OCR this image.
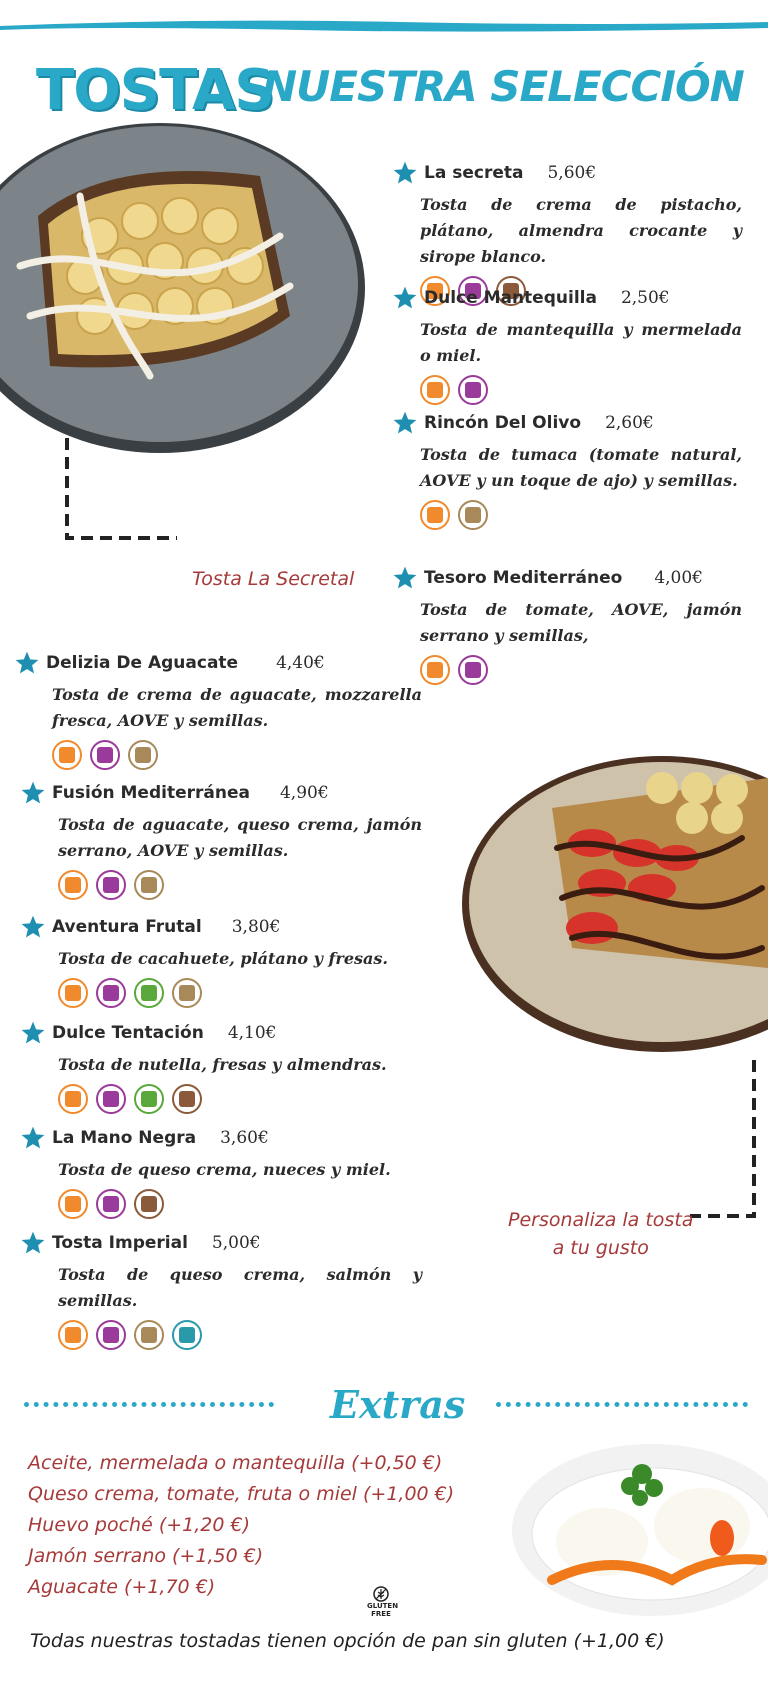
TOSTAS
NUESTRA SELECCIÓN
Tosta La Secretal
Personaliza la tosta
a tu gusto
La secreta 5,60€
Tosta de crema de pistacho, plátano, almendra crocante y sirope blanco.
Dulce Mantequilla 2,50€
Tosta de mantequilla y mermelada o miel.
Rincón Del Olivo 2,60€
Tosta de tumaca (tomate natural, AOVE y un toque de ajo) y semillas.
Tesoro Mediterráneo 4,00€
Tosta de tomate, AOVE, jamón serrano y semillas,
Delizia De Aguacate 4,40€
Tosta de crema de aguacate, mozzarella fresca, AOVE y semillas.
Fusión Mediterránea 4,90€
Tosta de aguacate, queso crema, jamón serrano, AOVE y semillas.
Aventura Frutal 3,80€
Tosta de cacahuete, plátano y fresas.
Dulce Tentación 4,10€
Tosta de nutella, fresas y almendras.
La Mano Negra 3,60€
Tosta de queso crema, nueces y miel.
Tosta Imperial 5,00€
Tosta de queso crema, salmón y semillas.
Extras
Aceite, mermelada o mantequilla (+0,50 €)
Queso crema, tomate, fruta o miel (+1,00 €)
Huevo poché (+1,20 €)
Jamón serrano (+1,50 €)
Aguacate (+1,70 €)
GLUTEN
FREE
Todas nuestras tostadas tienen opción de pan sin gluten (+1,00 €)
